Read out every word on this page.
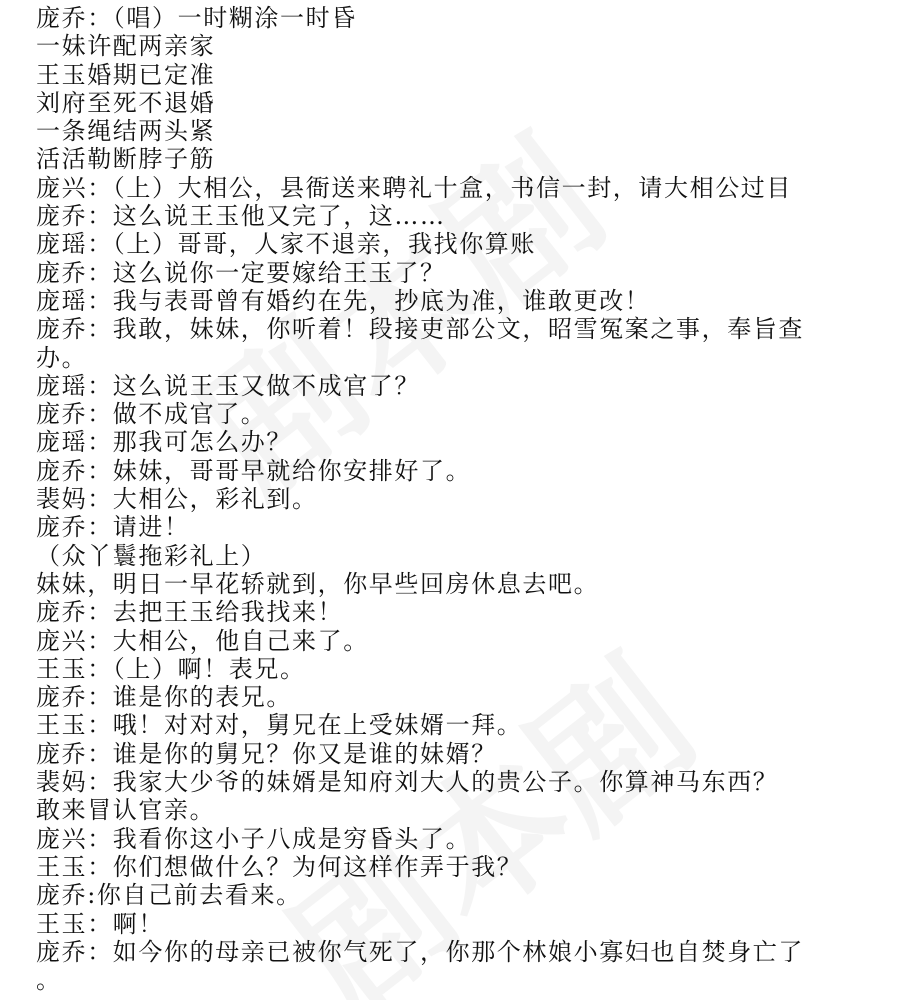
庞乔：（唱）一时糊涂一时昏

一妹许配两亲家

王玉婚期已定准

刘府至死不退婚

一条绳结两头紧

活活勒断脖子筋

庞兴：（上）大相公，县衙送来聘礼十盒，书信一封，请大相公过目

庞乔：这么说王玉他又完了，这……

庞瑶：（上）哥哥，人家不退亲，我找你算账

庞乔：这么说你一定要嫁给王玉了？

庞瑶：我与表哥曾有婚约在先，抄底为准，谁敢更改！

庞乔：我敢，妹妹，你听着！段接吏部公文，昭雪冤案之事，奉旨查

办。

庞瑶：这么说王玉又做不成官了？

庞乔：做不成官了。

庞瑶：那我可怎么办？

庞乔：妹妹，哥哥早就给你安排好了。

裴妈：大相公，彩礼到。

庞乔：请进！

（众丫鬟拖彩礼上）

妹妹，明日一早花轿就到，你早些回房休息去吧。

庞乔：去把王玉给我找来！

庞兴：大相公，他自己来了。

王玉：（上）啊！表兄。

庞乔：谁是你的表兄。

王玉：哦！对对对，舅兄在上受妹婿一拜。

庞乔：谁是你的舅兄？你又是谁的妹婿？

裴妈：我家大少爷的妹婿是知府刘大人的贵公子。你算神马东西？

敢来冒认官亲。

庞兴：我看你这小子八成是穷昏头了。

王玉：你们想做什么？为何这样作弄于我？

庞乔:你自己前去看来。

王玉：啊！

庞乔：如今你的母亲已被你气死了，你那个林娘小寡妇也自焚身亡了

。
